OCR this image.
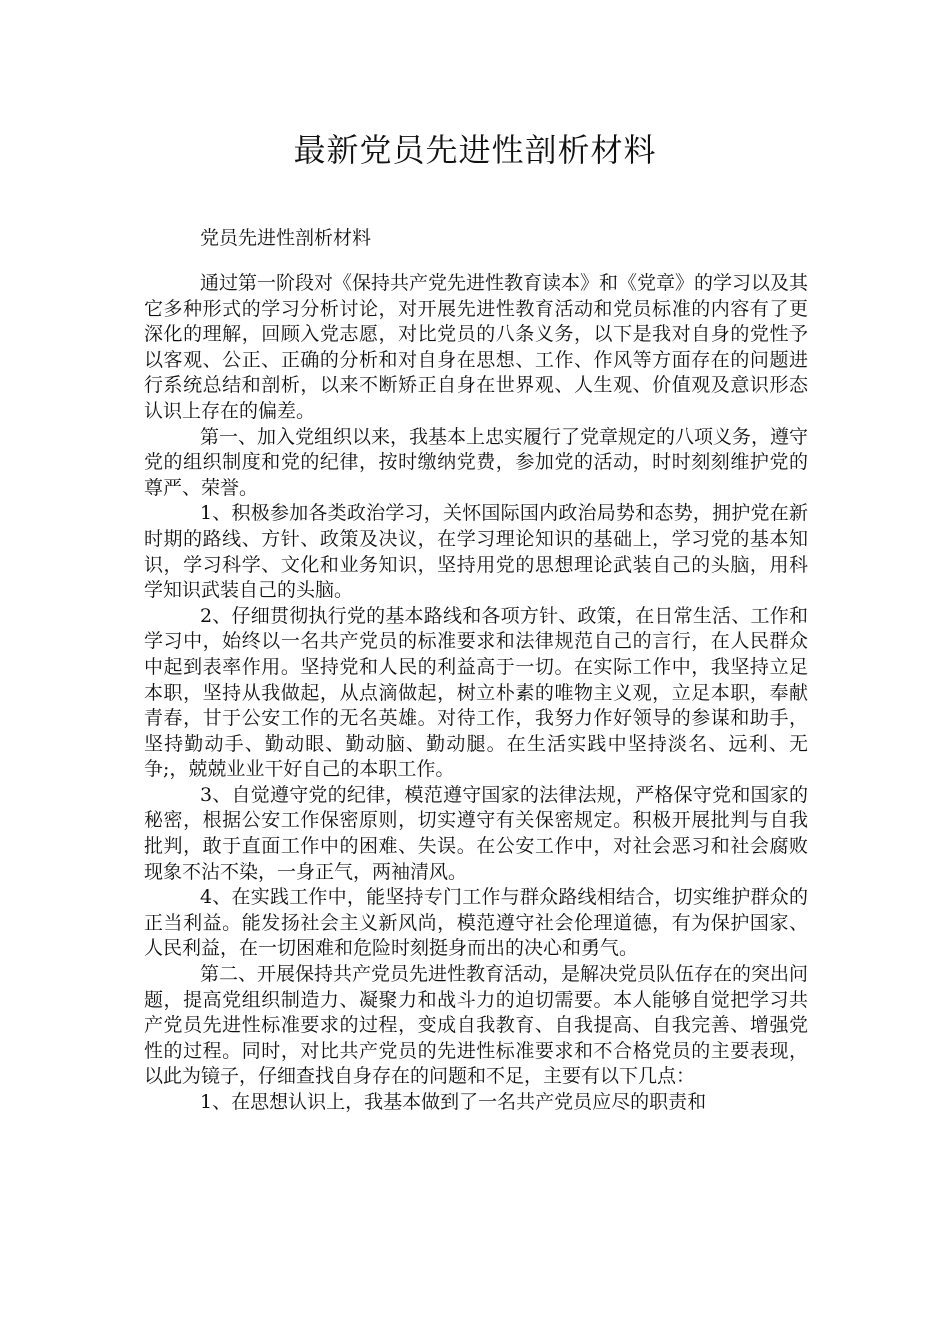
最新党员先进性剖析材料

党员先进性剖析材料

通过第一阶段对《保持共产党先进性教育读本》和《党章》的学习以及其它多种形式的学习分析讨论，对开展先进性教育活动和党员标准的内容有了更深化的理解，回顾入党志愿，对比党员的八条义务，以下是我对自身的党性予以客观、公正、正确的分析和对自身在思想、工作、作风等方面存在的问题进行系统总结和剖析，以来不断矫正自身在世界观、人生观、价值观及意识形态认识上存在的偏差。

第一、加入党组织以来，我基本上忠实履行了党章规定的八项义务，遵守党的组织制度和党的纪律，按时缴纳党费，参加党的活动，时时刻刻维护党的尊严、荣誉。

1、积极参加各类政治学习，关怀国际国内政治局势和态势，拥护党在新时期的路线、方针、政策及决议，在学习理论知识的基础上，学习党的基本知识，学习科学、文化和业务知识，坚持用党的思想理论武装自己的头脑，用科学知识武装自己的头脑。

2、仔细贯彻执行党的基本路线和各项方针、政策，在日常生活、工作和学习中，始终以一名共产党员的标准要求和法律规范自己的言行，在人民群众中起到表率作用。坚持党和人民的利益高于一切。在实际工作中，我坚持立足本职，坚持从我做起，从点滴做起，树立朴素的唯物主义观，立足本职，奉献青春，甘于公安工作的无名英雄。对待工作，我努力作好领导的参谋和助手，坚持勤动手、勤动眼、勤动脑、勤动腿。在生活实践中坚持淡名、远利、无争;，兢兢业业干好自己的本职工作。

3、自觉遵守党的纪律，模范遵守国家的法律法规，严格保守党和国家的秘密，根据公安工作保密原则，切实遵守有关保密规定。积极开展批判与自我批判，敢于直面工作中的困难、失误。在公安工作中，对社会恶习和社会腐败现象不沾不染，一身正气，两袖清风。

4、在实践工作中，能坚持专门工作与群众路线相结合，切实维护群众的正当利益。能发扬社会主义新风尚，模范遵守社会伦理道德，有为保护国家、人民利益，在一切困难和危险时刻挺身而出的决心和勇气。

第二、开展保持共产党员先进性教育活动，是解决党员队伍存在的突出问题，提高党组织制造力、凝聚力和战斗力的迫切需要。本人能够自觉把学习共产党员先进性标准要求的过程，变成自我教育、自我提高、自我完善、增强党性的过程。同时，对比共产党员的先进性标准要求和不合格党员的主要表现，以此为镜子，仔细查找自身存在的问题和不足，主要有以下几点：

1、在思想认识上，我基本做到了一名共产党员应尽的职责和
